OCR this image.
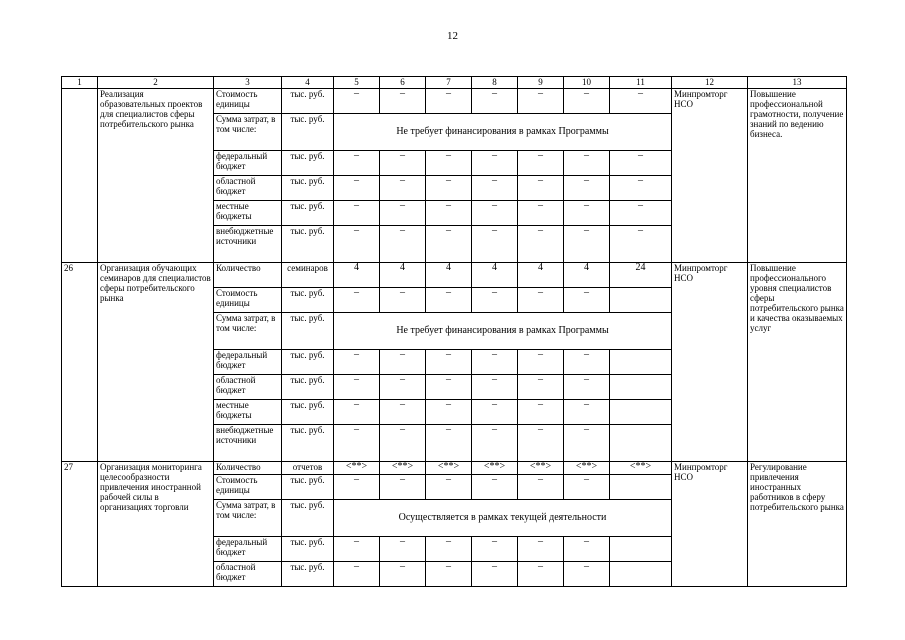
12
1	2	3	4	5	6	7	8	9	10	11	12	13
	Реализация образовательных проектов для специалистов сферы потребительского рынка	Стоимость единицы	тыс. руб.	–	–	–	–	–	–	–	Минпромторг НСО	Повышение профессиональной грамотности, получение знаний по ведению бизнеса.
		Сумма затрат, в том числе:	тыс. руб.	Не требует финансирования в рамках Программы								
		федеральный бюджет	тыс. руб.	–	–	–	–	–	–	–		
		областной бюджет	тыс. руб.	–	–	–	–	–	–	–		
		местные бюджеты	тыс. руб.	–	–	–	–	–	–	–		
		внебюджетные источники	тыс. руб.	–	–	–	–	–	–	–		
26	Организация обучающих семинаров для специалистов сферы потребительского рынка	Количество	семинаров	4	4	4	4	4	4	24	Минпромторг НСО	Повышение профессионального уровня специалистов сферы потребительского рынка и качества оказываемых услуг
		Стоимость единицы	тыс. руб.	–	–	–	–	–	–			
		Сумма затрат, в том числе:	тыс. руб.	Не требует финансирования в рамках Программы								
		федеральный бюджет	тыс. руб.	–	–	–	–	–	–			
		областной бюджет	тыс. руб.	–	–	–	–	–	–			
		местные бюджеты	тыс. руб.	–	–	–	–	–	–			
		внебюджетные источники	тыс. руб.	–	–	–	–	–	–			
27	Организация мониторинга целесообразности привлечения иностранной рабочей силы в организациях торговли	Количество	отчетов	<**>	<**>	<**>	<**>	<**>	<**>	<**>	Минпромторг НСО	Регулирование привлечения иностранных работников в сферу потребительского рынка
		Стоимость единицы	тыс. руб.	–	–	–	–	–	–			
		Сумма затрат, в том числе:	тыс. руб.	Осуществляется в рамках текущей деятельности								
		федеральный бюджет	тыс. руб.	–	–	–	–	–	–			
		областной бюджет	тыс. руб.	–	–	–	–	–	–			
